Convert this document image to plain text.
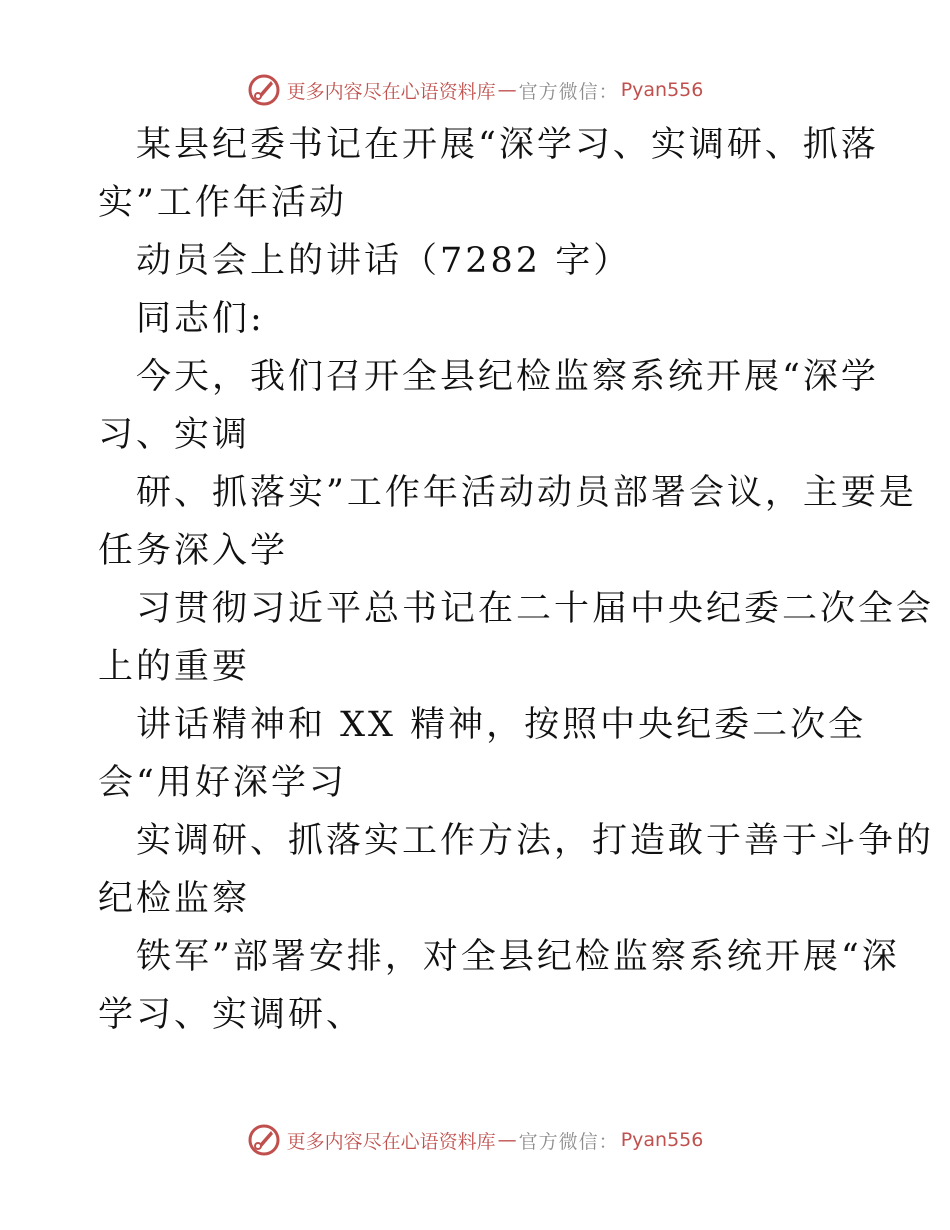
更多内容尽在心语资料库 — 官方微信： Pyan556

某县纪委书记在开展“深学习、实调研、抓落
实”工作年活动

动员会上的讲话（7282 字）

同志们:

今天，我们召开全县纪检监察系统开展“深学
习、实调

研、抓落实”工作年活动动员部署会议，主要是
任务深入学

习贯彻习近平总书记在二十届中央纪委二次全会
上的重要

讲话精神和 XX 精神，按照中央纪委二次全
会“用好深学习

实调研、抓落实工作方法，打造敢于善于斗争的
纪检监察

铁军”部署安排，对全县纪检监察系统开展“深
学习、实调研、

更多内容尽在心语资料库 — 官方微信： Pyan556
